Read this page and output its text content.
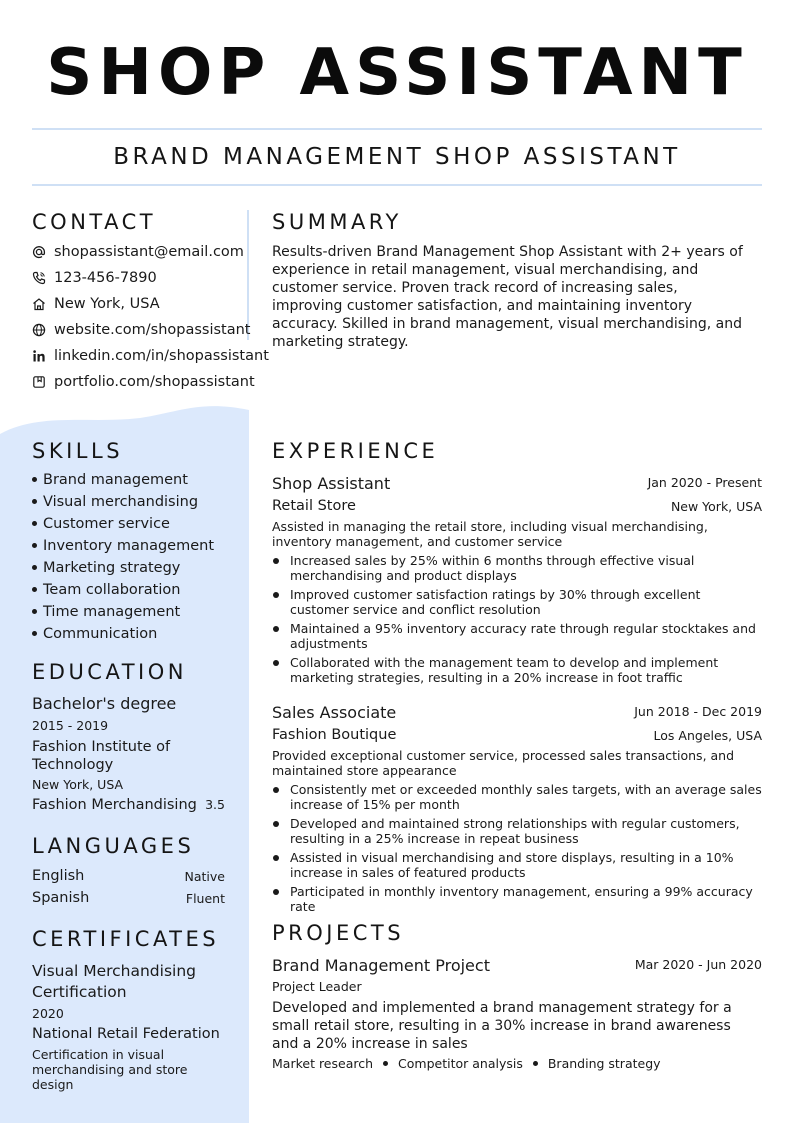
SHOP ASSISTANT
BRAND MANAGEMENT SHOP ASSISTANT
CONTACT
shopassistant@email.com
123-456-7890
New York, USA
website.com/shopassistant
linkedin.com/in/shopassistant
portfolio.com/shopassistant
SUMMARY
Results-driven Brand Management Shop Assistant with 2+ years of experience in retail management, visual merchandising, and customer service. Proven track record of increasing sales, improving customer satisfaction, and maintaining inventory accuracy. Skilled in brand management, visual merchandising, and marketing strategy.
SKILLS
Brand management
Visual merchandising
Customer service
Inventory management
Marketing strategy
Team collaboration
Time management
Communication
EDUCATION
Bachelor's degree
2015 - 2019
Fashion Institute of Technology
New York, USA
Fashion Merchandising 3.5
LANGUAGES
English	Native
Spanish	Fluent
CERTIFICATES
Visual Merchandising Certification
2020
National Retail Federation
Certification in visual merchandising and store design
EXPERIENCE
Shop Assistant	Jan 2020 - Present
Retail Store	New York, USA
Assisted in managing the retail store, including visual merchandising, inventory management, and customer service
Increased sales by 25% within 6 months through effective visual merchandising and product displays
Improved customer satisfaction ratings by 30% through excellent customer service and conflict resolution
Maintained a 95% inventory accuracy rate through regular stocktakes and adjustments
Collaborated with the management team to develop and implement marketing strategies, resulting in a 20% increase in foot traffic
Sales Associate	Jun 2018 - Dec 2019
Fashion Boutique	Los Angeles, USA
Provided exceptional customer service, processed sales transactions, and maintained store appearance
Consistently met or exceeded monthly sales targets, with an average sales increase of 15% per month
Developed and maintained strong relationships with regular customers, resulting in a 25% increase in repeat business
Assisted in visual merchandising and store displays, resulting in a 10% increase in sales of featured products
Participated in monthly inventory management, ensuring a 99% accuracy rate
PROJECTS
Brand Management Project	Mar 2020 - Jun 2020
Project Leader
Developed and implemented a brand management strategy for a small retail store, resulting in a 30% increase in brand awareness and a 20% increase in sales
Market research Competitor analysis Branding strategy
